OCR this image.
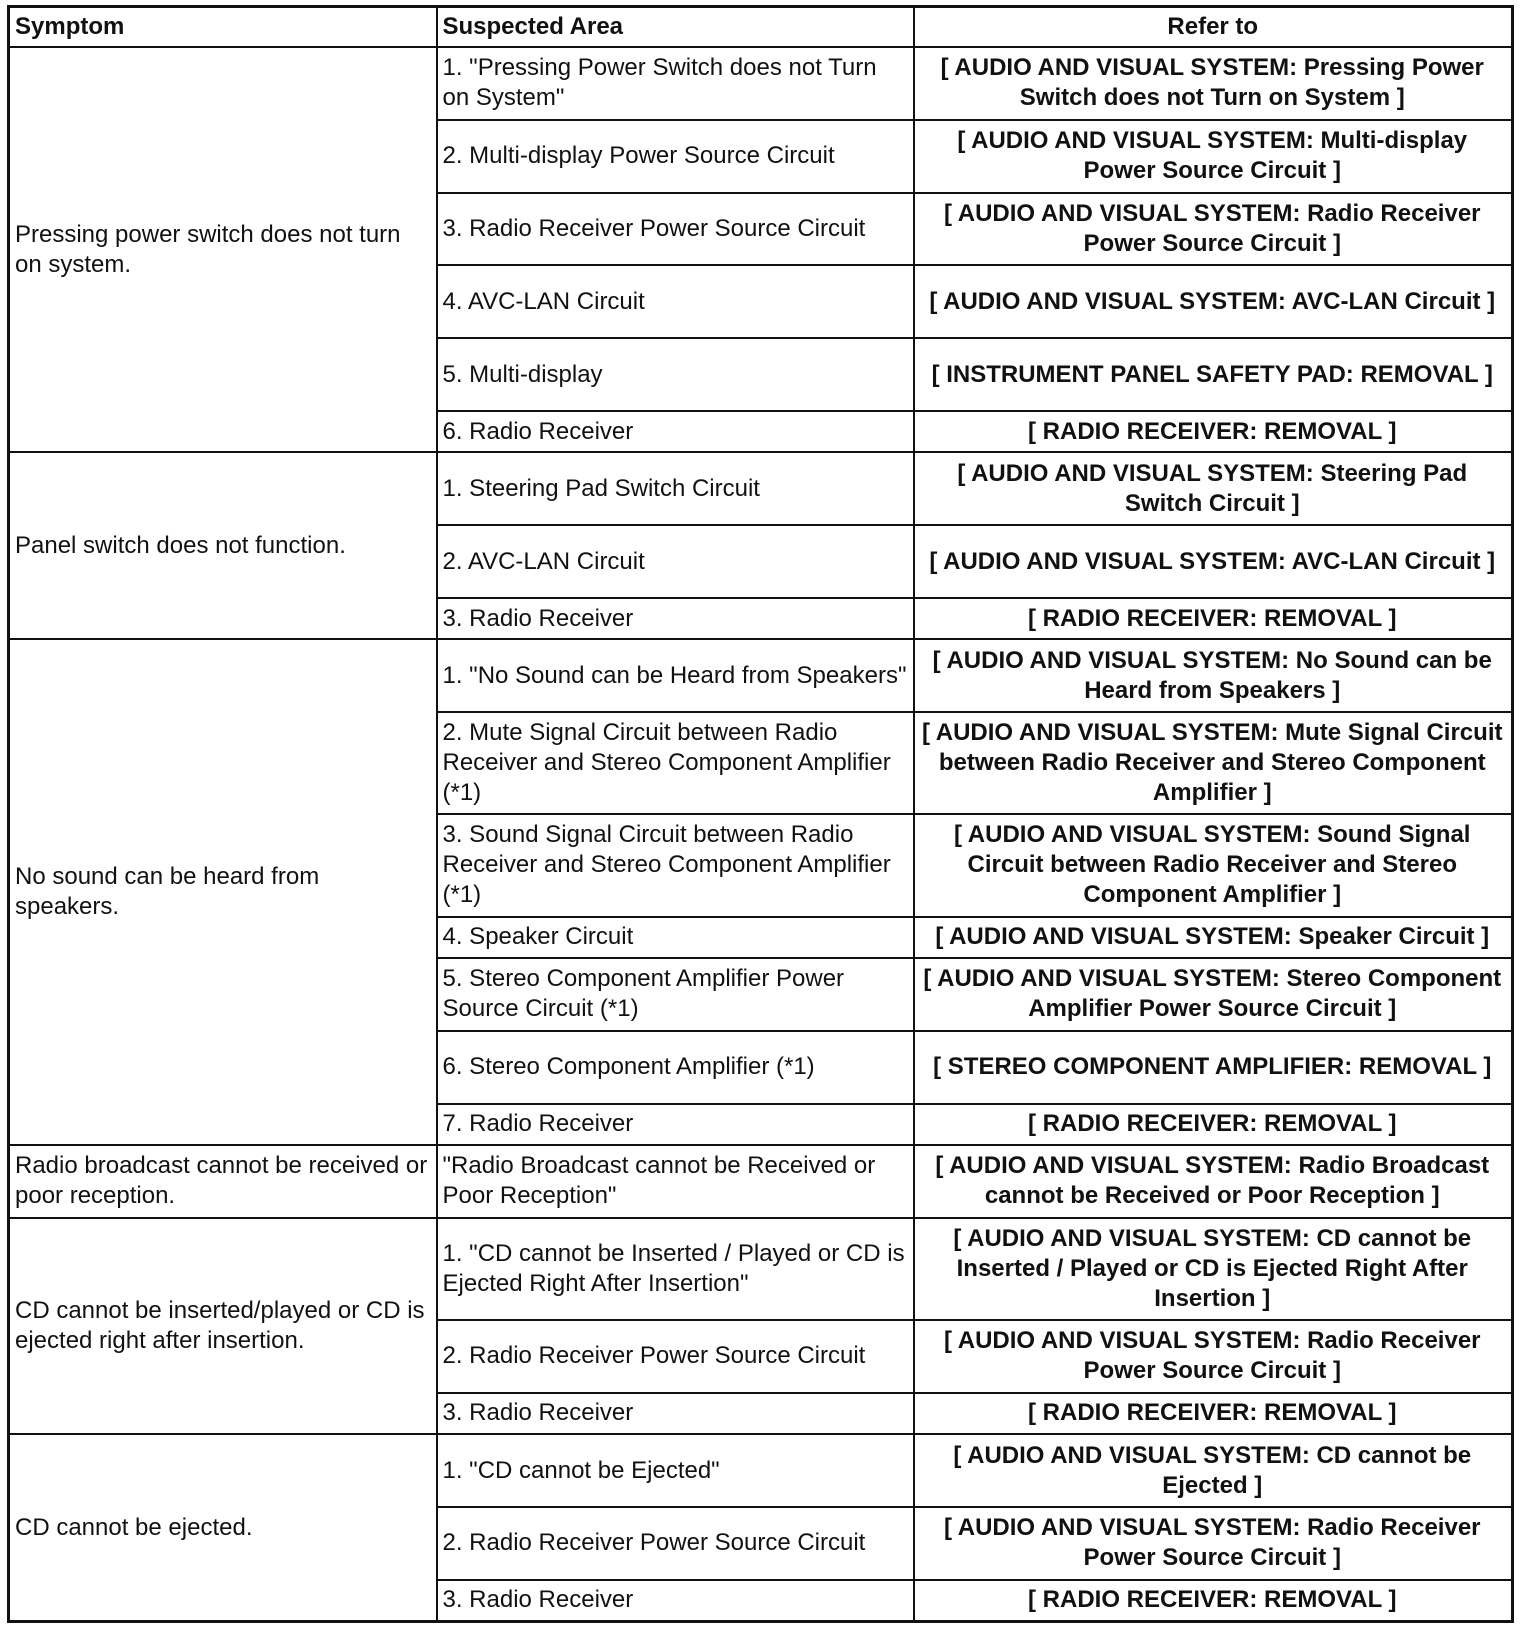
Symptom	Suspected Area	Refer to
Pressing power switch does not turn on system.	1. "Pressing Power Switch does not Turn on System"	[ AUDIO AND VISUAL SYSTEM: Pressing Power Switch does not Turn on System ]
	2. Multi-display Power Source Circuit	[ AUDIO AND VISUAL SYSTEM: Multi-display Power Source Circuit ]
	3. Radio Receiver Power Source Circuit	[ AUDIO AND VISUAL SYSTEM: Radio Receiver Power Source Circuit ]
	4. AVC-LAN Circuit	[ AUDIO AND VISUAL SYSTEM: AVC-LAN Circuit ]
	5. Multi-display	[ INSTRUMENT PANEL SAFETY PAD: REMOVAL ]
	6. Radio Receiver	[ RADIO RECEIVER: REMOVAL ]
Panel switch does not function.	1. Steering Pad Switch Circuit	[ AUDIO AND VISUAL SYSTEM: Steering Pad Switch Circuit ]
	2. AVC-LAN Circuit	[ AUDIO AND VISUAL SYSTEM: AVC-LAN Circuit ]
	3. Radio Receiver	[ RADIO RECEIVER: REMOVAL ]
No sound can be heard from speakers.	1. "No Sound can be Heard from Speakers"	[ AUDIO AND VISUAL SYSTEM: No Sound can be Heard from Speakers ]
	2. Mute Signal Circuit between Radio Receiver and Stereo Component Amplifier (*1)	[ AUDIO AND VISUAL SYSTEM: Mute Signal Circuit between Radio Receiver and Stereo Component Amplifier ]
	3. Sound Signal Circuit between Radio Receiver and Stereo Component Amplifier (*1)	[ AUDIO AND VISUAL SYSTEM: Sound Signal Circuit between Radio Receiver and Stereo Component Amplifier ]
	4. Speaker Circuit	[ AUDIO AND VISUAL SYSTEM: Speaker Circuit ]
	5. Stereo Component Amplifier Power Source Circuit (*1)	[ AUDIO AND VISUAL SYSTEM: Stereo Component Amplifier Power Source Circuit ]
	6. Stereo Component Amplifier (*1)	[ STEREO COMPONENT AMPLIFIER: REMOVAL ]
	7. Radio Receiver	[ RADIO RECEIVER: REMOVAL ]
Radio broadcast cannot be received or poor reception.	"Radio Broadcast cannot be Received or Poor Reception"	[ AUDIO AND VISUAL SYSTEM: Radio Broadcast cannot be Received or Poor Reception ]
CD cannot be inserted/played or CD is ejected right after insertion.	1. "CD cannot be Inserted / Played or CD is Ejected Right After Insertion"	[ AUDIO AND VISUAL SYSTEM: CD cannot be Inserted / Played or CD is Ejected Right After Insertion ]
	2. Radio Receiver Power Source Circuit	[ AUDIO AND VISUAL SYSTEM: Radio Receiver Power Source Circuit ]
	3. Radio Receiver	[ RADIO RECEIVER: REMOVAL ]
CD cannot be ejected.	1. "CD cannot be Ejected"	[ AUDIO AND VISUAL SYSTEM: CD cannot be Ejected ]
	2. Radio Receiver Power Source Circuit	[ AUDIO AND VISUAL SYSTEM: Radio Receiver Power Source Circuit ]
	3. Radio Receiver	[ RADIO RECEIVER: REMOVAL ]
